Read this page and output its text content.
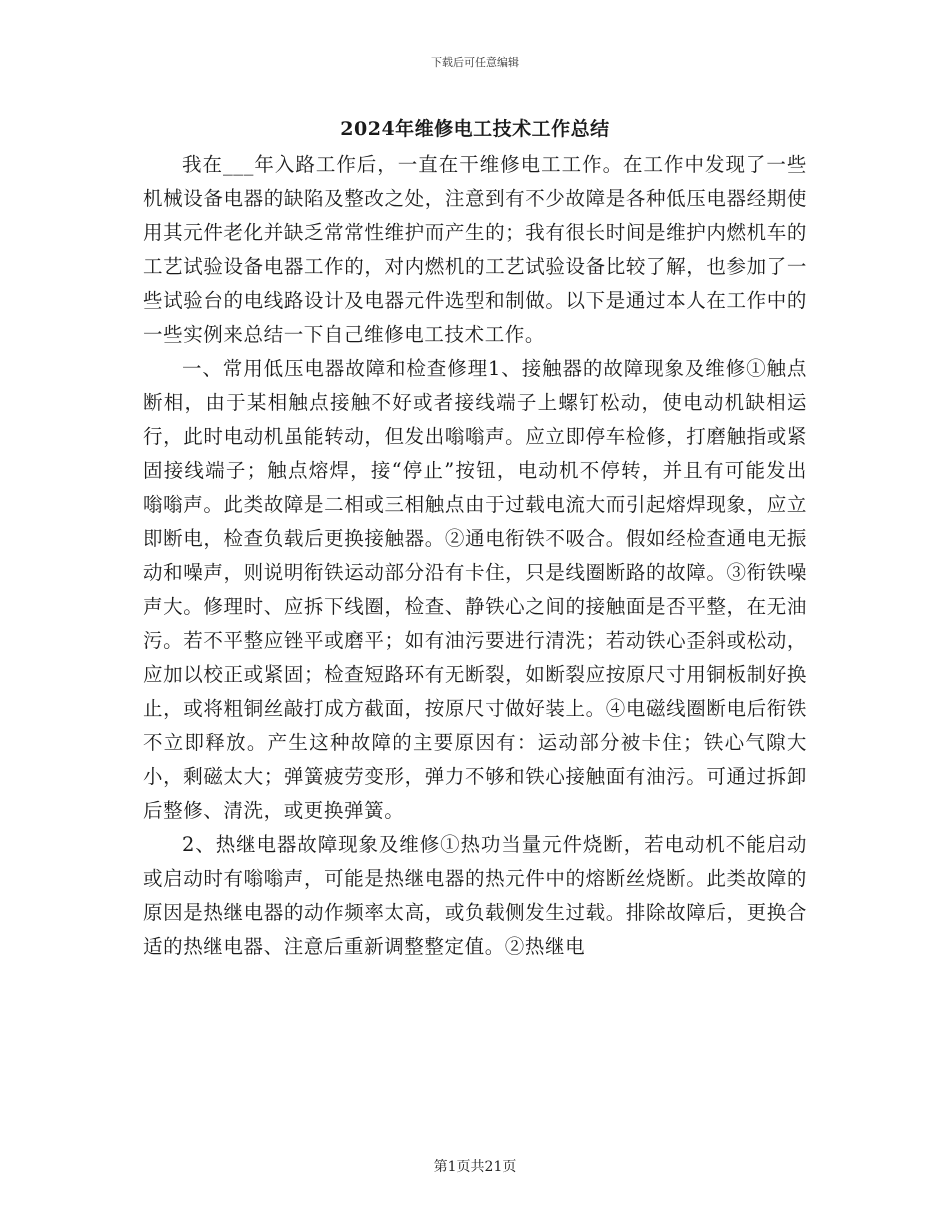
下载后可任意编辑
2024年维修电工技术工作总结

我在___年入路工作后，一直在干维修电工工作。在工作中发现了一些机械设备电器的缺陷及整改之处，注意到有不少故障是各种低压电器经期使用其元件老化并缺乏常常性维护而产生的；我有很长时间是维护内燃机车的工艺试验设备电器工作的，对内燃机的工艺试验设备比较了解，也参加了一些试验台的电线路设计及电器元件选型和制做。以下是通过本人在工作中的一些实例来总结一下自己维修电工技术工作。

一、常用低压电器故障和检查修理1、接触器的故障现象及维修①触点断相，由于某相触点接触不好或者接线端子上螺钉松动，使电动机缺相运行，此时电动机虽能转动，但发出嗡嗡声。应立即停车检修，打磨触指或紧固接线端子；触点熔焊，接“停止”按钮，电动机不停转，并且有可能发出嗡嗡声。此类故障是二相或三相触点由于过载电流大而引起熔焊现象，应立即断电，检查负载后更换接触器。②通电衔铁不吸合。假如经检查通电无振动和噪声，则说明衔铁运动部分沿有卡住，只是线圈断路的故障。③衔铁噪声大。修理时、应拆下线圈，检查、静铁心之间的接触面是否平整，在无油污。若不平整应锉平或磨平；如有油污要进行清洗；若动铁心歪斜或松动，应加以校正或紧固；检查短路环有无断裂，如断裂应按原尺寸用铜板制好换止，或将粗铜丝敲打成方截面，按原尺寸做好装上。④电磁线圈断电后衔铁不立即释放。产生这种故障的主要原因有：运动部分被卡住；铁心气隙大小，剩磁太大；弹簧疲劳变形，弹力不够和铁心接触面有油污。可通过拆卸后整修、清洗，或更换弹簧。

2、热继电器故障现象及维修①热功当量元件烧断，若电动机不能启动或启动时有嗡嗡声，可能是热继电器的热元件中的熔断丝烧断。此类故障的原因是热继电器的动作频率太高，或负载侧发生过载。排除故障后，更换合适的热继电器、注意后重新调整整定值。②热继电

第1页共21页
